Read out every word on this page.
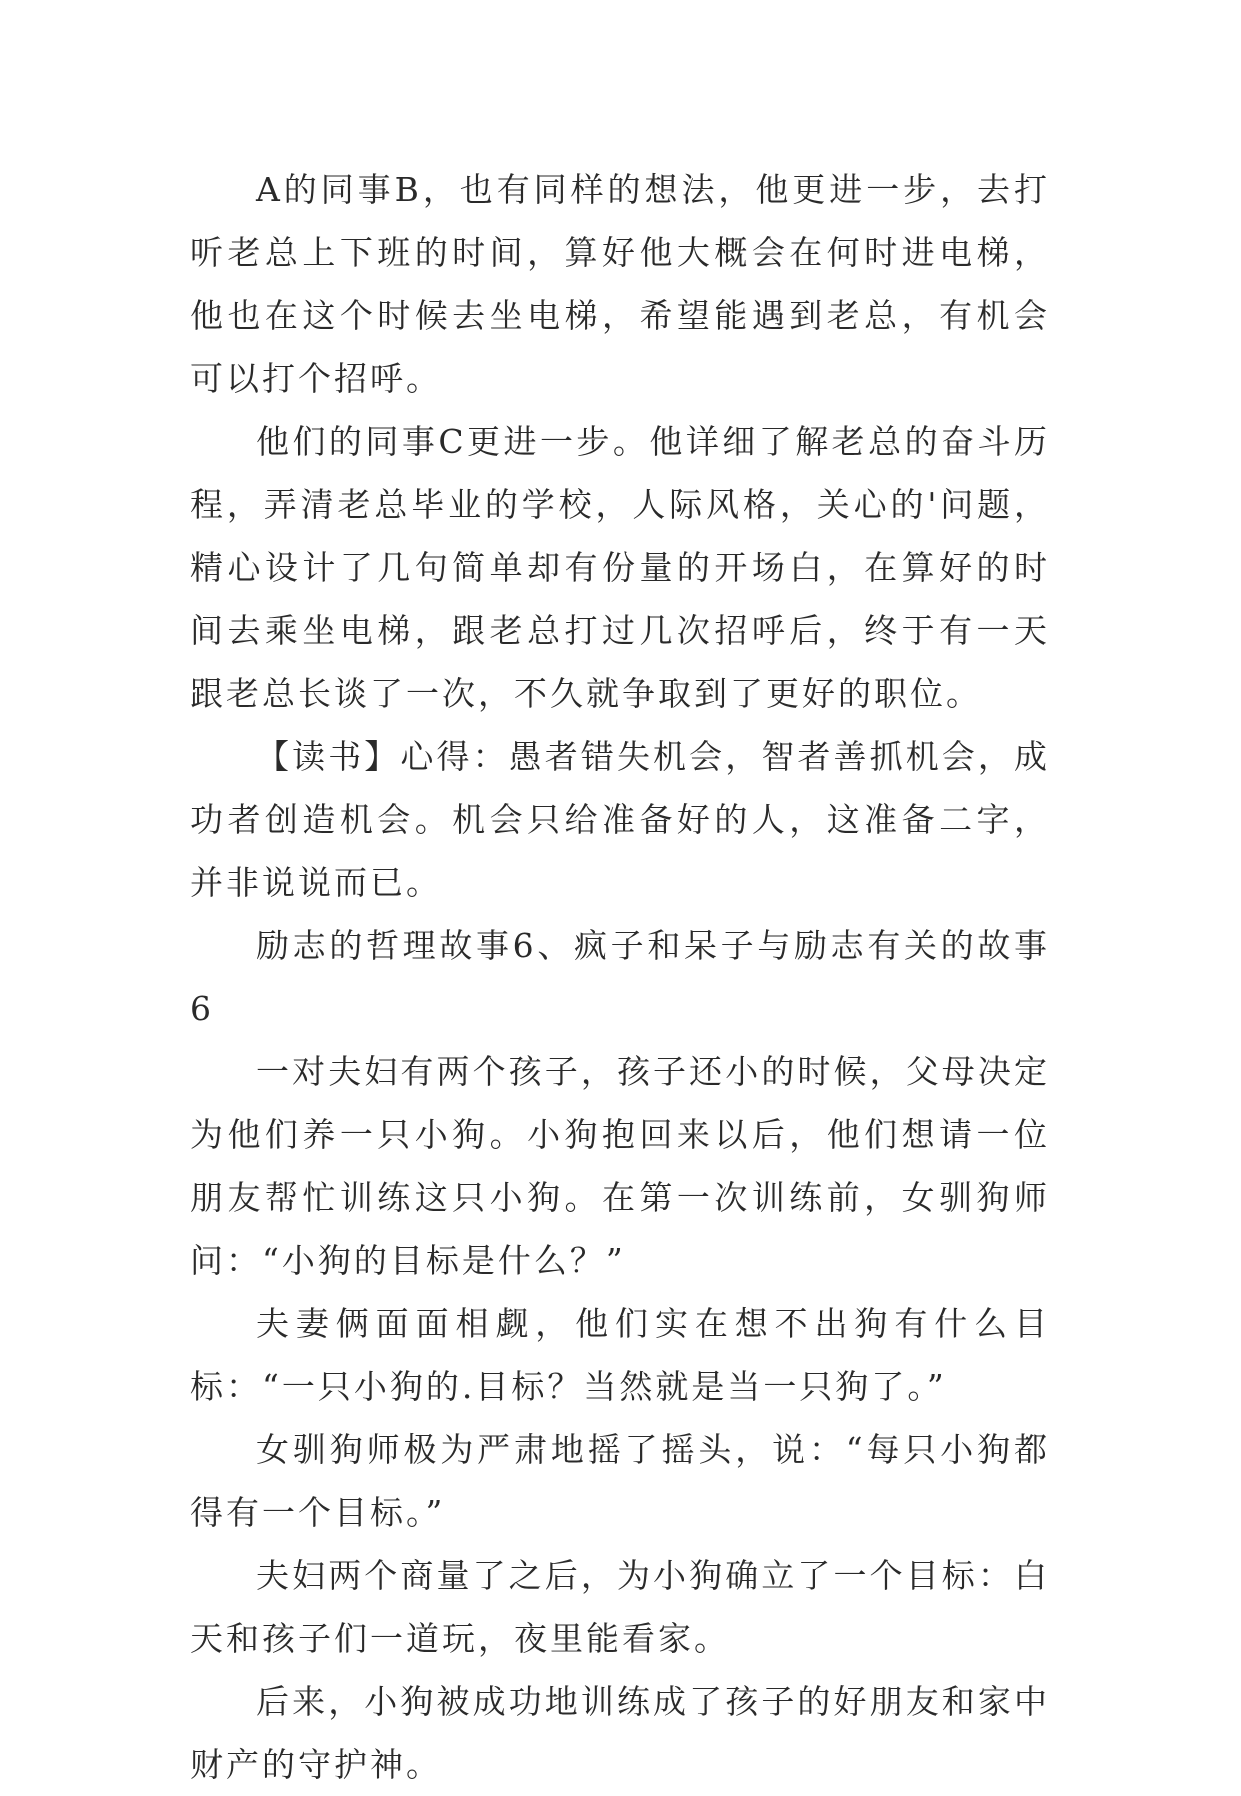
A的同事B，也有同样的想法，他更进一步，去打听老总上下班的时间，算好他大概会在何时进电梯，他也在这个时候去坐电梯，希望能遇到老总，有机会可以打个招呼。

他们的同事C更进一步。他详细了解老总的奋斗历程，弄清老总毕业的学校，人际风格，关心的'问题，精心设计了几句简单却有份量的开场白，在算好的时间去乘坐电梯，跟老总打过几次招呼后，终于有一天跟老总长谈了一次，不久就争取到了更好的职位。

【读书】心得：愚者错失机会，智者善抓机会，成功者创造机会。机会只给准备好的人，这准备二字，并非说说而已。

励志的哲理故事6、疯子和呆子与励志有关的故事6

一对夫妇有两个孩子，孩子还小的时候，父母决定为他们养一只小狗。小狗抱回来以后，他们想请一位朋友帮忙训练这只小狗。在第一次训练前，女驯狗师问：“小狗的目标是什么？”

夫妻俩面面相觑，他们实在想不出狗有什么目标：“一只小狗的.目标？当然就是当一只狗了。”

女驯狗师极为严肃地摇了摇头，说：“每只小狗都得有一个目标。”

夫妇两个商量了之后，为小狗确立了一个目标：白天和孩子们一道玩，夜里能看家。

后来，小狗被成功地训练成了孩子的好朋友和家中财产的守护神。
